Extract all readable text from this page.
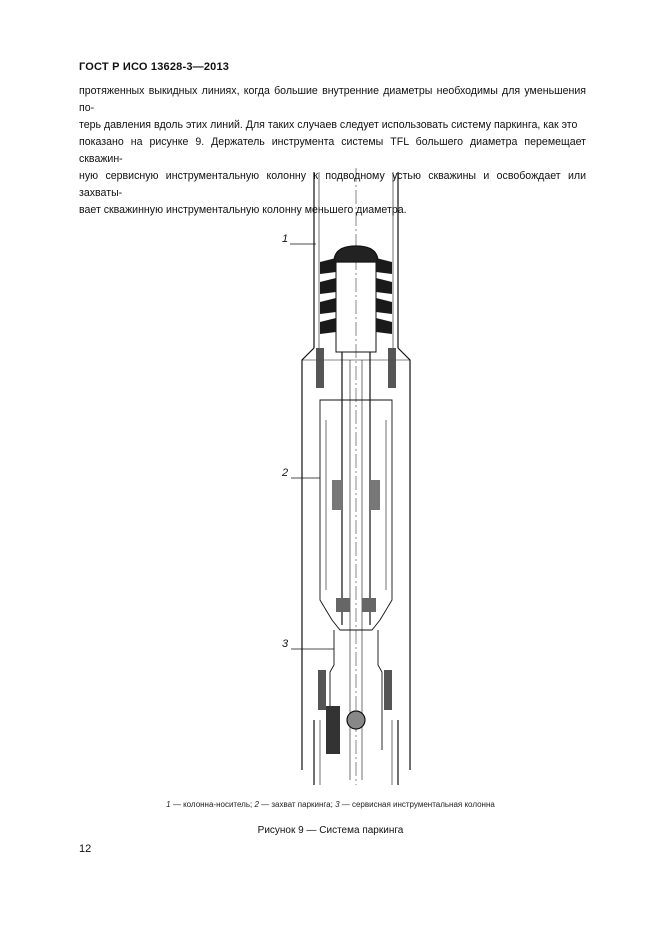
ГОСТ Р ИСО 13628-3—2013
протяженных выкидных линиях, когда большие внутренние диаметры необходимы для уменьшения по-
терь давления вдоль этих линий. Для таких случаев следует использовать систему паркинга, как это
показано на рисунке 9. Держатель инструмента системы TFL большего диаметра перемещает скважин-
ную сервисную инструментальную колонну к подводному устью скважины и освобождает или захваты-
вает скважинную инструментальную колонну меньшего диаметра.
1
2
3
1 — колонна-носитель; 2 — захват паркинга; 3 — сервисная инструментальная колонна
Рисунок 9 — Система паркинга
12
